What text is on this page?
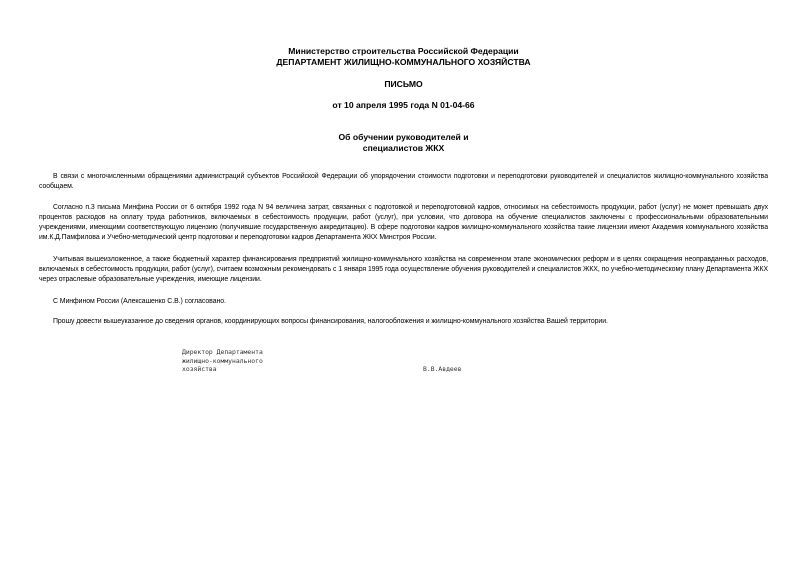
Министерство строительства Российской Федерации
ДЕПАРТАМЕНТ ЖИЛИЩНО-КОММУНАЛЬНОГО ХОЗЯЙСТВА
ПИСЬМО
от 10 апреля 1995 года N 01-04-66
Об обучении руководителей и
специалистов ЖКХ
В связи с многочисленными обращениями администраций субъектов Российской Федерации об упорядочении стоимости подготовки и переподготовки руководителей и специалистов жилищно-коммунального хозяйства сообщаем.
Согласно п.3 письма Минфина России от 6 октября 1992 года N 94 величина затрат, связанных с подготовкой и переподготовкой кадров, относимых на себестоимость продукции, работ (услуг) не может превышать двух процентов расходов на оплату труда работников, включаемых в себестоимость продукции, работ (услуг), при условии, что договора на обучение специалистов заключены с профессиональными образовательными учреждениями, имеющими соответствующую лицензию (получившие государственную аккредитацию). В сфере подготовки кадров жилищно-коммунального хозяйства такие лицензии имеют Академия коммунального хозяйства им.К.Д.Памфилова и Учебно-методический центр подготовки и переподготовки кадров Департамента ЖКХ Минстроя России.
Учитывая вышеизложенное, а также бюджетный характер финансирования предприятий жилищно-коммунального хозяйства на современном этапе экономических реформ и в целях сокращения неоправданных расходов, включаемых в себестоимость продукции, работ (услуг), считаем возможным рекомендовать с 1 января 1995 года осуществление обучения руководителей и специалистов ЖКХ, по учебно-методическому плану Департамента ЖКХ через отраслевые образовательные учреждения, имеющие лицензии.
С Минфином России (Алексашенко С.В.) согласовано.
Прошу довести вышеуказанное до сведения органов, координирующих вопросы финансирования, налогообложения и жилищно-коммунального хозяйства Вашей территории.
Директор Департамента
жилищно-коммунального
хозяйства	В.В.Авдеев
